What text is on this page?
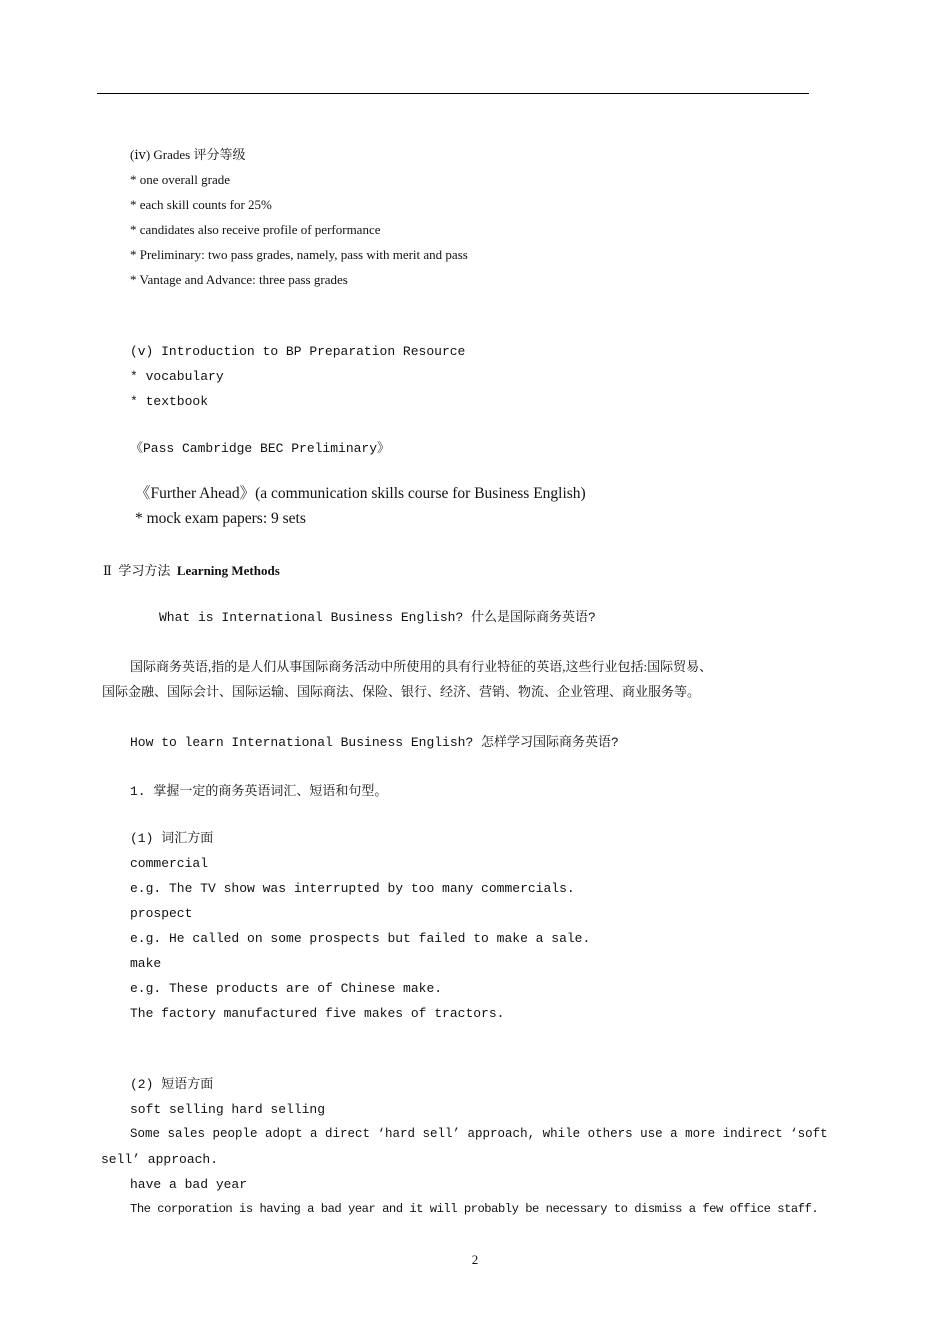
(ⅳ) Grades 评分等级
* one overall grade
* each skill counts for 25%
* candidates also receive profile of performance
* Preliminary: two pass grades, namely, pass with merit and pass
* Vantage and Advance: three pass grades
(ⅴ) Introduction to BP Preparation Resource
* vocabulary
* textbook
《Pass Cambridge BEC Preliminary》
《Further Ahead》(a communication skills course for Business English)
* mock exam papers: 9 sets
Ⅱ 学习方法 Learning Methods
What is International Business English? 什么是国际商务英语?
国际商务英语,指的是人们从事国际商务活动中所使用的具有行业特征的英语,这些行业包括:国际贸易、
国际金融、国际会计、国际运输、国际商法、保险、银行、经济、营销、物流、企业管理、商业服务等。
How to learn International Business English? 怎样学习国际商务英语?
1. 掌握一定的商务英语词汇、短语和句型。
(1) 词汇方面
commercial
e.g. The TV show was interrupted by too many commercials.
prospect
e.g. He called on some prospects but failed to make a sale.
make
e.g. These products are of Chinese make.
The factory manufactured five makes of tractors.
(2) 短语方面
soft selling hard selling
Some sales people adopt a direct ‘hard sell’ approach, while others use a more indirect ‘soft
sell’ approach.
have a bad year
The corporation is having a bad year and it will probably be necessary to dismiss a few office staff.
2
